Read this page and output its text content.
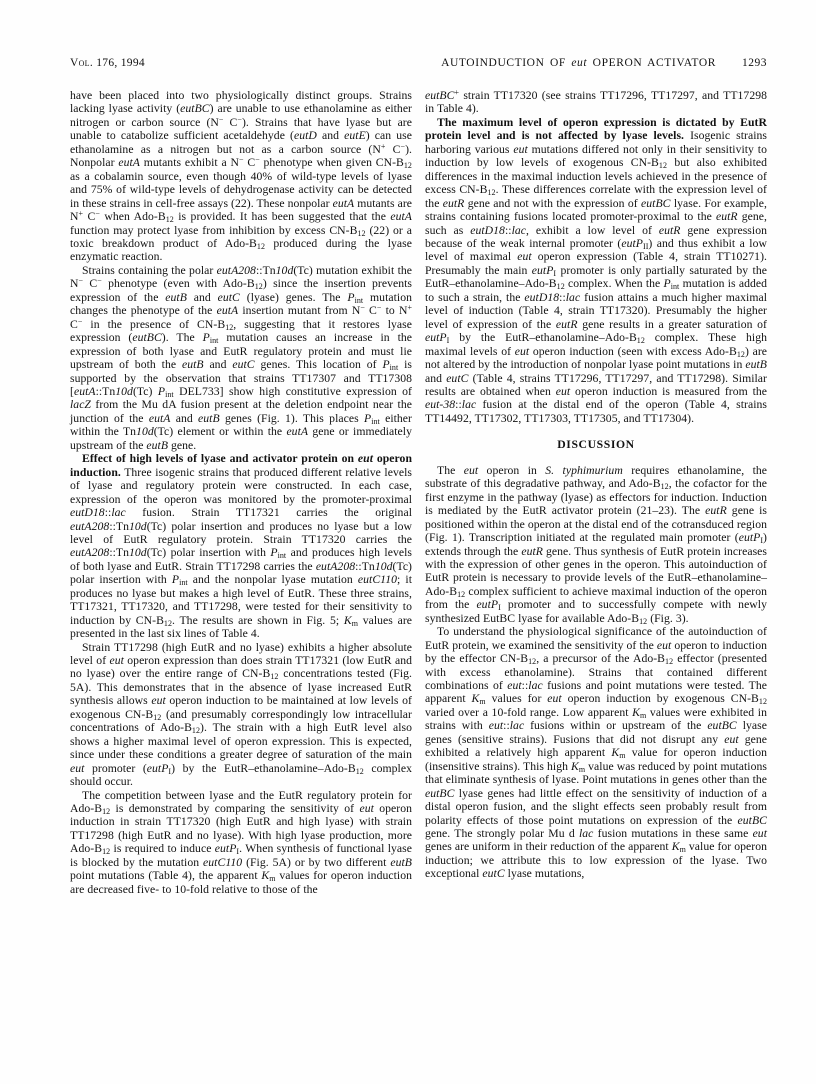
Vol. 176, 1994	AUTOINDUCTION OF eut OPERON ACTIVATOR 1293

have been placed into two physiologically distinct groups. Strains lacking lyase activity (eutBC) are unable to use ethanolamine as either nitrogen or carbon source (N− C−). Strains that have lyase but are unable to catabolize sufficient acetaldehyde (eutD and eutE) can use ethanolamine as a nitrogen but not as a carbon source (N+ C−). Nonpolar eutA mutants exhibit a N− C− phenotype when given $CN-B_{12}$ as a cobalamin source, even though 40% of wild-type levels of lyase and 75% of wild-type levels of dehydrogenase activity can be detected in these strains in cell-free assays (22). These nonpolar eutA mutants are N+ C− when Ado-$B_{12}$ is provided. It has been suggested that the eutA function may protect lyase from inhibition by excess $CN-B_{12}$ (22) or a toxic breakdown product of Ado-$B_{12}$ produced during the lyase enzymatic reaction.

Strains containing the polar eutA208::Tn10d(Tc) mutation exhibit the N− C− phenotype (even with Ado-$B_{12}$) since the insertion prevents expression of the eutB and eutC (lyase) genes. The $P_{int}$ mutation changes the phenotype of the eutA insertion mutant from N− C− to N+ C− in the presence of $CN-B_{12}$, suggesting that it restores lyase expression (eutBC). The $P_{int}$ mutation causes an increase in the expression of both lyase and EutR regulatory protein and must lie upstream of both the eutB and eutC genes. This location of $P_{int}$ is supported by the observation that strains TT17307 and TT17308 [eutA::Tn10d(Tc) $P_{int}$ DEL733] show high constitutive expression of lacZ from the Mu dA fusion present at the deletion endpoint near the junction of the eutA and eutB genes (Fig. 1). This places $P_{int}$ either within the Tn10d(Tc) element or within the eutA gene or immediately upstream of the eutB gene.

Effect of high levels of lyase and activator protein on eut operon induction. Three isogenic strains that produced different relative levels of lyase and regulatory protein were constructed. In each case, expression of the operon was monitored by the promoter-proximal eutD18::lac fusion. Strain TT17321 carries the original eutA208::Tn10d(Tc) polar insertion and produces no lyase but a low level of EutR regulatory protein. Strain TT17320 carries the eutA208::Tn10d(Tc) polar insertion with $P_{int}$ and produces high levels of both lyase and EutR. Strain TT17298 carries the eutA208::Tn10d(Tc) polar insertion with $P_{int}$ and the nonpolar lyase mutation eutC110; it produces no lyase but makes a high level of EutR. These three strains, TT17321, TT17320, and TT17298, were tested for their sensitivity to induction by $CN-B_{12}$. The results are shown in Fig. 5; $K_m$ values are presented in the last six lines of Table 4.

Strain TT17298 (high EutR and no lyase) exhibits a higher absolute level of eut operon expression than does strain TT17321 (low EutR and no lyase) over the entire range of $CN-B_{12}$ concentrations tested (Fig. 5A). This demonstrates that in the absence of lyase increased EutR synthesis allows eut operon induction to be maintained at low levels of exogenous $CN-B_{12}$ (and presumably correspondingly low intracellular concentrations of Ado-$B_{12}$). The strain with a high EutR level also shows a higher maximal level of operon expression. This is expected, since under these conditions a greater degree of saturation of the main eut promoter (eutP$_I$) by the EutR–$ethanolamine-Ado-B_{12}$ complex should occur.

The competition between lyase and the EutR regulatory protein for Ado-$B_{12}$ is demonstrated by comparing the sensitivity of eut operon induction in strain TT17320 (high EutR and high lyase) with strain TT17298 (high EutR and no lyase). With high lyase production, more Ado-$B_{12}$ is required to induce eutP$_I$. When synthesis of functional lyase is blocked by the mutation eutC110 (Fig. 5A) or by two different eutB point mutations (Table 4), the apparent $K_m$ values for operon induction are decreased five- to 10-fold relative to those of the

eutBC+ strain TT17320 (see strains TT17296, TT17297, and TT17298 in Table 4).

The maximum level of operon expression is dictated by EutR protein level and is not affected by lyase levels. Isogenic strains harboring various eut mutations differed not only in their sensitivity to induction by low levels of exogenous $CN-B_{12}$ but also exhibited differences in the maximal induction levels achieved in the presence of excess $CN-B_{12}$. These differences correlate with the expression level of the eutR gene and not with the expression of eutBC lyase. For example, strains containing fusions located promoter-proximal to the eutR gene, such as eutD18::lac, exhibit a low level of eutR gene expression because of the weak internal promoter (eutP$_{II}$) and thus exhibit a low level of maximal eut operon expression (Table 4, strain TT10271). Presumably the main eutP$_I$ promoter is only partially saturated by the EutR–$ethanolamine-Ado-B_{12}$ complex. When the $P_{int}$ mutation is added to such a strain, the eutD18::lac fusion attains a much higher maximal level of induction (Table 4, strain TT17320). Presumably the higher level of expression of the eutR gene results in a greater saturation of eutP$_I$ by the EutR–$ethanolamine-Ado-B_{12}$ complex. These high maximal levels of eut operon induction (seen with excess Ado-$B_{12}$) are not altered by the introduction of nonpolar lyase point mutations in eutB and eutC (Table 4, strains TT17296, TT17297, and TT17298). Similar results are obtained when eut operon induction is measured from the eut-38::lac fusion at the distal end of the operon (Table 4, strains TT14492, TT17302, TT17303, TT17305, and TT17304).

DISCUSSION

The eut operon in S. typhimurium requires ethanolamine, the substrate of this degradative pathway, and Ado-$B_{12}$, the cofactor for the first enzyme in the pathway (lyase) as effectors for induction. Induction is mediated by the EutR activator protein (21–23). The eutR gene is positioned within the operon at the distal end of the cotransduced region (Fig. 1). Transcription initiated at the regulated main promoter (eutP$_I$) extends through the eutR gene. Thus synthesis of EutR protein increases with the expression of other genes in the operon. This autoinduction of EutR protein is necessary to provide levels of the EutR–$ethanolamine-Ado-B_{12}$ complex sufficient to achieve maximal induction of the operon from the eutP$_I$ promoter and to successfully compete with newly synthesized EutBC lyase for available Ado-$B_{12}$ (Fig. 3).

To understand the physiological significance of the autoinduction of EutR protein, we examined the sensitivity of the eut operon to induction by the effector $CN-B_{12}$, a precursor of the Ado-$B_{12}$ effector (presented with excess ethanolamine). Strains that contained different combinations of eut::lac fusions and point mutations were tested. The apparent $K_m$ values for eut operon induction by exogenous $CN-B_{12}$ varied over a 10-fold range. Low apparent $K_m$ values were exhibited in strains with eut::lac fusions within or upstream of the eutBC lyase genes (sensitive strains). Fusions that did not disrupt any eut gene exhibited a relatively high apparent $K_m$ value for operon induction (insensitive strains). This high $K_m$ value was reduced by point mutations that eliminate synthesis of lyase. Point mutations in genes other than the eutBC lyase genes had little effect on the sensitivity of induction of a distal operon fusion, and the slight effects seen probably result from polarity effects of those point mutations on expression of the eutBC gene. The strongly polar Mu d lac fusion mutations in these same eut genes are uniform in their reduction of the apparent $K_m$ value for operon induction; we attribute this to low expression of the lyase. Two exceptional eutC lyase mutations,
